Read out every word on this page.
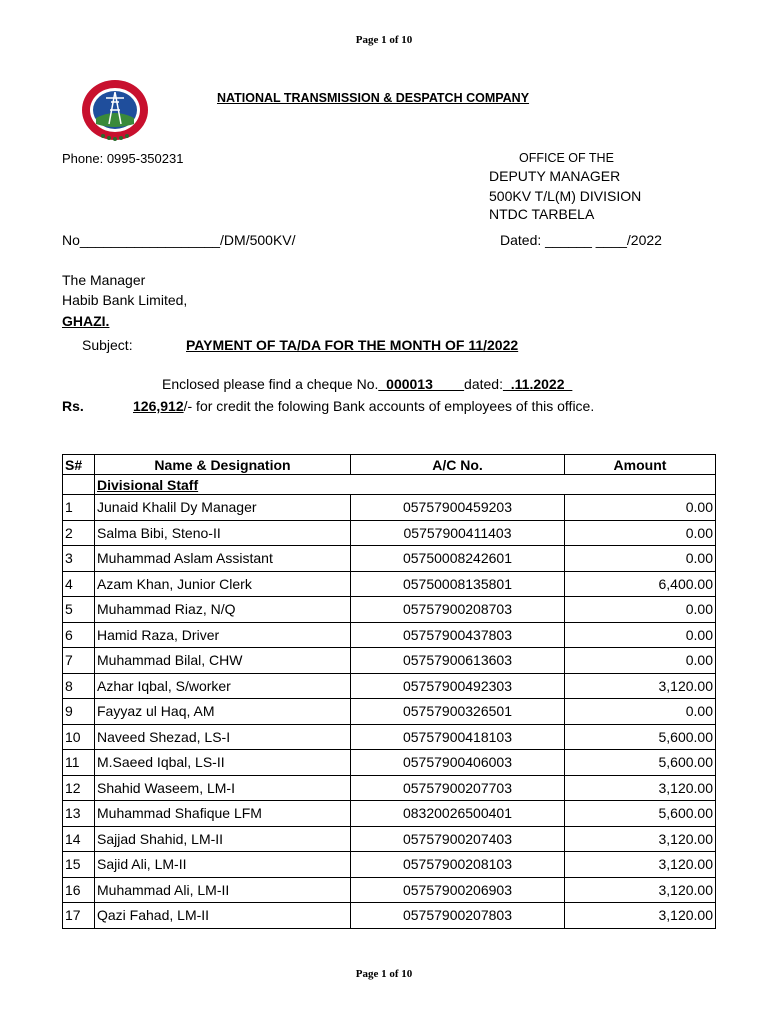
Page 1 of 10
NATIONAL TRANSMISSION & DESPATCH COMPANY
Phone: 0995-350231	OFFICE OF THE
DEPUTY MANAGER
500KV T/L(M) DIVISION
NTDC TARBELA
No__________________/DM/500KV/	Dated: ______ ____/2022
The Manager
Habib Bank Limited,
GHAZI.
Subject:	PAYMENT OF TA/DA FOR THE MONTH OF 11/2022
Enclosed please find a cheque No._000013____dated:_.11.2022_
Rs.	126,912/- for credit the folowing Bank accounts of employees of this office.
S#	Name & Designation	A/C No.	Amount
	Divisional Staff		
1	Junaid Khalil Dy Manager	05757900459203	0.00
2	Salma Bibi, Steno-II	05757900411403	0.00
3	Muhammad Aslam Assistant	05750008242601	0.00
4	Azam Khan, Junior Clerk	05750008135801	6,400.00
5	Muhammad Riaz, N/Q	05757900208703	0.00
6	Hamid Raza, Driver	05757900437803	0.00
7	Muhammad Bilal, CHW	05757900613603	0.00
8	Azhar Iqbal, S/worker	05757900492303	3,120.00
9	Fayyaz ul Haq, AM	05757900326501	0.00
10	Naveed Shezad, LS-I	05757900418103	5,600.00
11	M.Saeed Iqbal, LS-II	05757900406003	5,600.00
12	Shahid Waseem, LM-I	05757900207703	3,120.00
13	Muhammad Shafique LFM	08320026500401	5,600.00
14	Sajjad Shahid, LM-II	05757900207403	3,120.00
15	Sajid Ali, LM-II	05757900208103	3,120.00
16	Muhammad Ali, LM-II	05757900206903	3,120.00
17	Qazi Fahad, LM-II	05757900207803	3,120.00
Page 1 of 10
